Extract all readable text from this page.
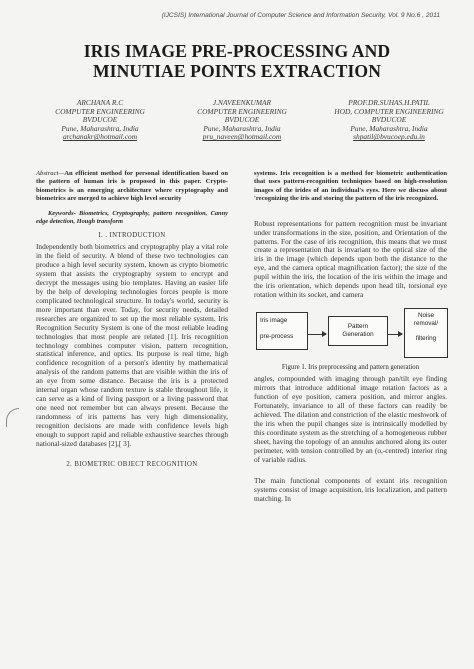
(IJCSIS) International Journal of Computer Science and Information Security, Vol. 9 No.6 , 2011
IRIS IMAGE PRE-PROCESSING AND
MINUTIAE POINTS EXTRACTION
ARCHANA R.C
COMPUTER ENGINEERING
BVDUCOE
Pune, Maharashtra, India
archanakr@hotmail.com
J.NAVEENKUMAR
COMPUTER ENGINEERING
BVDUCOE
Pune, Maharashtra, India
pru_naveen@hotmail.com
PROF.DR.SUHAS.H.PATIL
HOD, COMPUTER ENGINEERING
BVDUCOE
Pune, Maharashtra, India
shpatil@bvucoep.edu.in
Abstract—An efficient method for personal identification based on the pattern of human iris is proposed in this paper. Crypto-biometrics is an emerging architecture where cryptography and biometrics are merged to achieve high level security
Keywords- Biometrics, Cryptography, pattern recognition, Canny edge detection, Hough transform
I. . INTRODUCTION
Independently both biometrics and cryptography play a vital role in the field of security. A blend of these two technologies can produce a high level security system, known as crypto biometric system that assists the cryptography system to encrypt and decrypt the messages using bio templates. Having an easier life by the help of developing technologies forces people is more complicated technological structure. In today's world, security is more important than ever. Today, for security needs, detailed researches are organized to set up the most reliable system. Iris Recognition Security System is one of the most reliable leading technologies that most people are related [1]. Iris recognition technology combines computer vision, pattern recognition, statistical inference, and optics. Its purpose is real time, high confidence recognition of a person's identity by mathematical analysis of the random patterns that are visible within the iris of an eye from some distance. Because the iris is a protected internal organ whose random texture is stable throughout life, it can serve as a kind of living passport or a living password that one need not remember but can always present. Because the randomness of iris patterns has very high dimensionality, recognition decisions are made with confidence levels high enough to support rapid and reliable exhaustive searches through national-sized databases [2],[ 3].
2. BIOMETRIC OBJECT RECOGNITION
systems. Iris recognition is a method for biometric authentication that uses pattern-recognition techniques based on high-resolution images of the irides of an individual's eyes. Here we discuss about 'recognizing the iris and storing the pattern of the iris recognized.
Robust representations for pattern recognition must be invariant under transformations in the size, position, and Orientation of the patterns. For the case of iris recognition, this means that we must create a representation that is invariant to the optical size of the iris in the image (which depends upon both the distance to the eye, and the camera optical magnification factor); the size of the pupil within the iris, the location of the iris within the image and the iris orientation, which depends upon head tilt, torsional eye rotation within its socket, and camera
Iris image
pre-process
Pattern
Generation
Noise
removal/
filtering
Figure 1. Iris preprocessing and pattern generation
angles, compounded with imaging through pan/tilt eye finding mirrors that introduce additional image rotation factors as a function of eye position, camera position, and mirror angles. Fortunately, invariance to all of these factors can readily be achieved. The dilation and constriction of the elastic meshwork of the iris when the pupil changes size is intrinsically modelled by this coordinate system as the stretching of a homogeneous rubber sheet, having the topology of an annulus anchored along its outer perimeter, with tension controlled by an (o,-centred) interior ring of variable radius.
The main functional components of extant iris recognition systems consist of image acquisition, iris localization, and pattern matching. In
